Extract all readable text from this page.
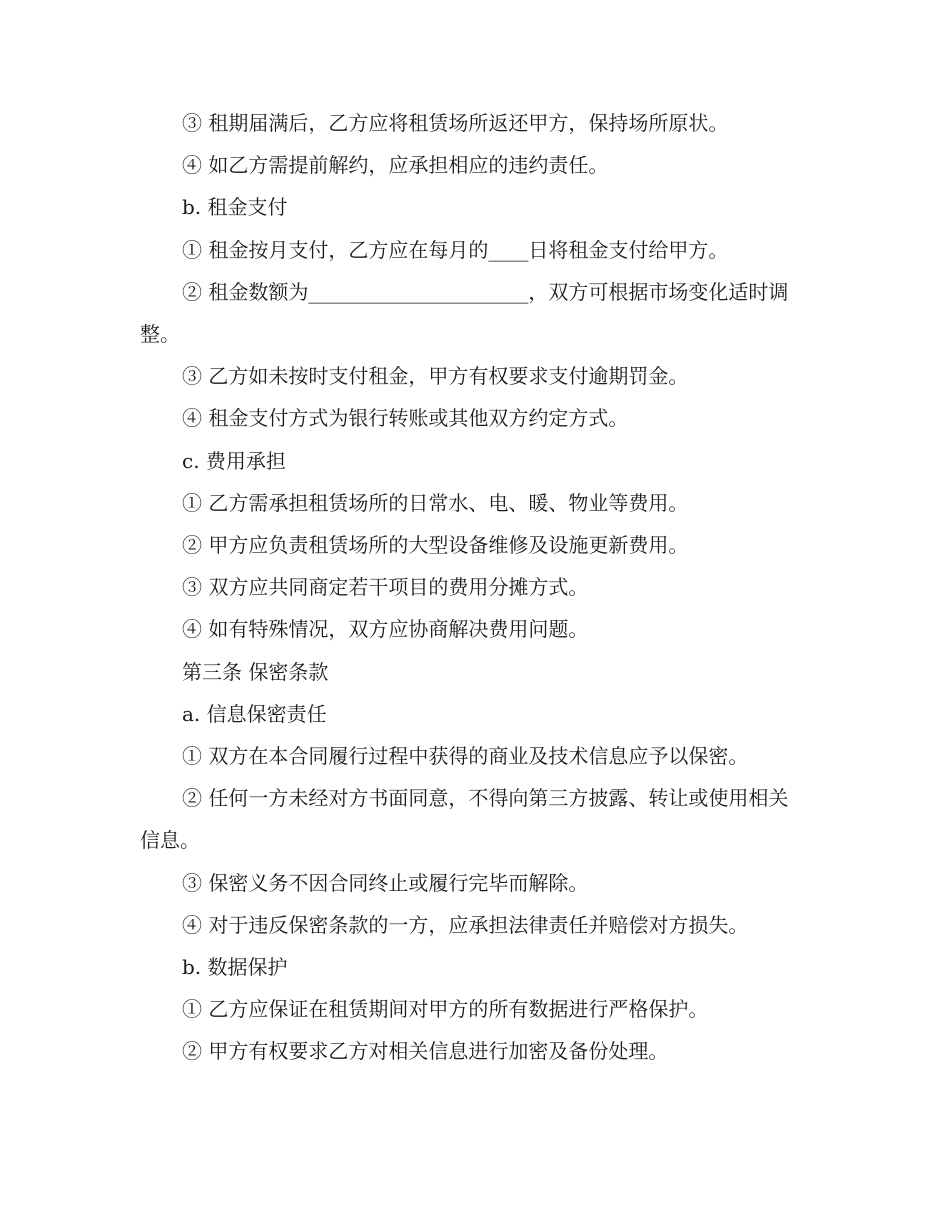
③ 租期届满后，乙方应将租赁场所返还甲方，保持场所原状。

④ 如乙方需提前解约，应承担相应的违约责任。

b. 租金支付

① 租金按月支付，乙方应在每月的____日将租金支付给甲方。

② 租金数额为______________________，双方可根据市场变化适时调整。

③ 乙方如未按时支付租金，甲方有权要求支付逾期罚金。

④ 租金支付方式为银行转账或其他双方约定方式。

c. 费用承担

① 乙方需承担租赁场所的日常水、电、暖、物业等费用。

② 甲方应负责租赁场所的大型设备维修及设施更新费用。

③ 双方应共同商定若干项目的费用分摊方式。

④ 如有特殊情况，双方应协商解决费用问题。

第三条 保密条款

a. 信息保密责任

① 双方在本合同履行过程中获得的商业及技术信息应予以保密。

② 任何一方未经对方书面同意，不得向第三方披露、转让或使用相关信息。

③ 保密义务不因合同终止或履行完毕而解除。

④ 对于违反保密条款的一方，应承担法律责任并赔偿对方损失。

b. 数据保护

① 乙方应保证在租赁期间对甲方的所有数据进行严格保护。

② 甲方有权要求乙方对相关信息进行加密及备份处理。
